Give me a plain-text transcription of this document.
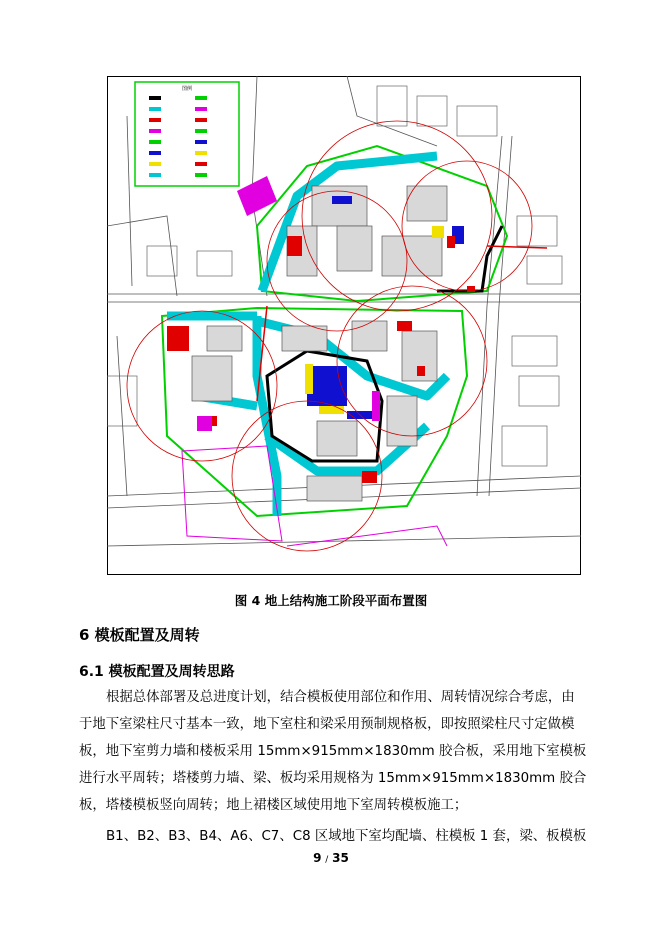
图例
图 4 地上结构施工阶段平面布置图
6 模板配置及周转
6.1 模板配置及周转思路
根据总体部署及总进度计划，结合模板使用部位和作用、周转情况综合考虑，由
于地下室梁柱尺寸基本一致，地下室柱和梁采用预制规格板，即按照梁柱尺寸定做模
板，地下室剪力墙和楼板采用 15mm×915mm×1830mm 胶合板，采用地下室模板
进行水平周转；塔楼剪力墙、梁、板均采用规格为 15mm×915mm×1830mm 胶合
板，塔楼模板竖向周转；地上裙楼区域使用地下室周转模板施工；
B1、B2、B3、B4、A6、C7、C8 区域地下室均配墙、柱模板 1 套，梁、板模板
9 / 35
